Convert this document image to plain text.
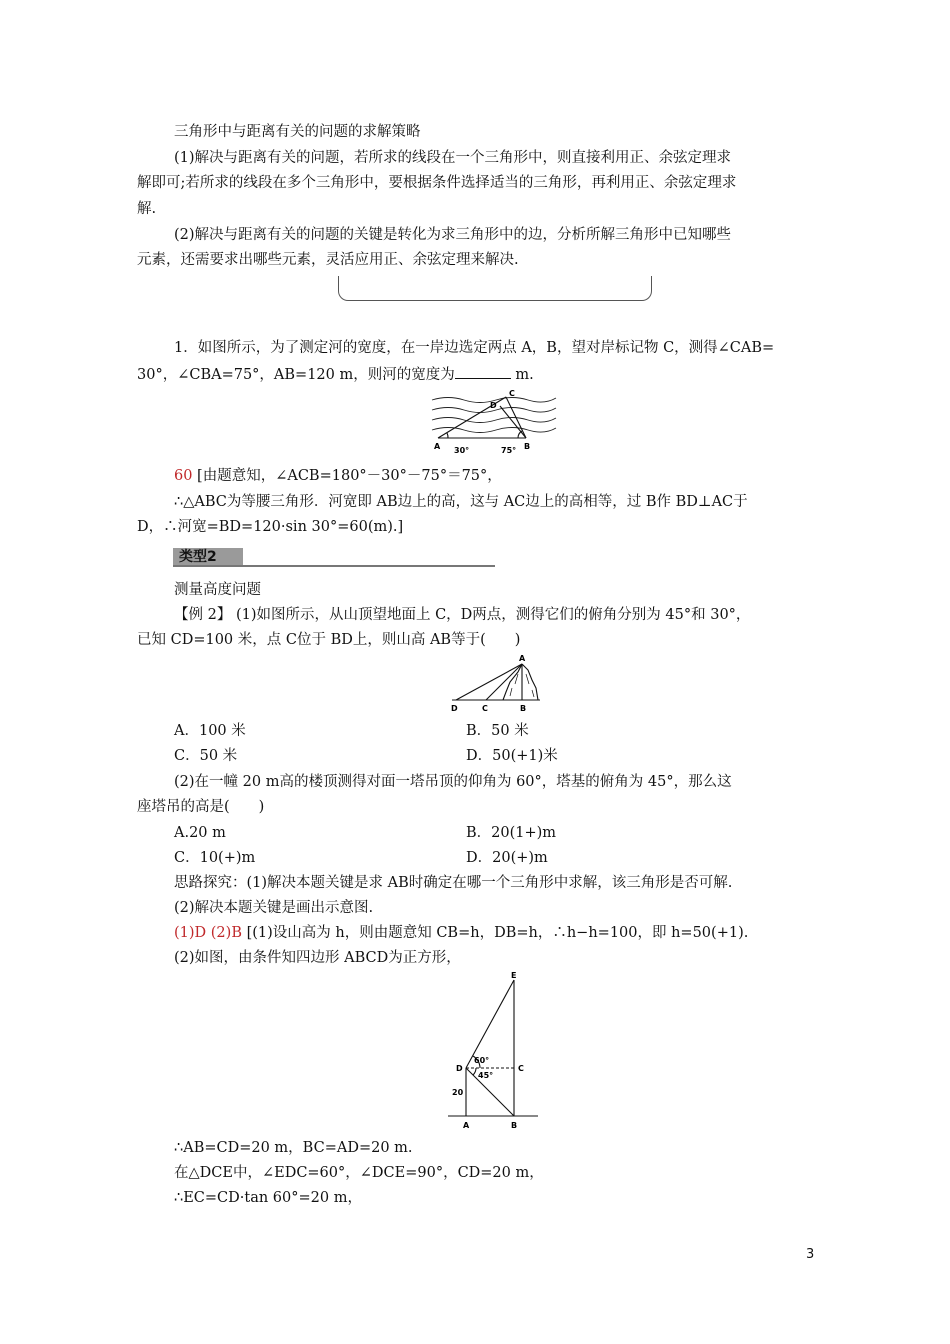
三角形中与距离有关的问题的求解策略
(1)解决与距离有关的问题，若所求的线段在一个三角形中，则直接利用正、余弦定理求
解即可;若所求的线段在多个三角形中，要根据条件选择适当的三角形，再利用正、余弦定理求
解.
(2)解决与距离有关的问题的关键是转化为求三角形中的边，分析所解三角形中已知哪些
元素，还需要求出哪些元素，灵活应用正、余弦定理来解决.
1．如图所示，为了测定河的宽度，在一岸边选定两点 A，B，望对岸标记物 C，测得∠CAB=
30°，∠CBA=75°，AB=120 m，则河的宽度为	m.
A	B
C
D
30°	75°
60 [由题意知，∠ACB=180°－30°－75°＝75°，
∴△ABC为等腰三角形．河宽即 AB边上的高，这与 AC边上的高相等，过 B作 BD⊥AC于
D，∴河宽=BD=120·sin 30°=60(m).]
类型2
测量高度问题
【例 2】 (1)如图所示，从山顶望地面上 C，D两点，测得它们的俯角分别为 45°和 30°，
已知 CD=100 米，点 C位于 BD上，则山高 AB等于(　　)
A
B
C
D
A．100 米	B．50 米
C．50 米	D．50(+1)米
(2)在一幢 20 m高的楼顶测得对面一塔吊顶的仰角为 60°，塔基的俯角为 45°，那么这
座塔吊的高是(　　)
A.20 m	B．20(1+)m
C．10(+)m	D．20(+)m
思路探究：(1)解决本题关键是求 AB时确定在哪一个三角形中求解，该三角形是否可解.
(2)解决本题关键是画出示意图.
(1)D (2)B [(1)设山高为 h，则由题意知 CB=h，DB=h，∴h−h=100，即 h=50(+1).
(2)如图，由条件知四边形 ABCD为正方形，
E
D	C
A	B
60°
45°
20
∴AB=CD=20 m，BC=AD=20 m.
在△DCE中，∠EDC=60°，∠DCE=90°，CD=20 m，
∴EC=CD·tan 60°=20 m，
3
